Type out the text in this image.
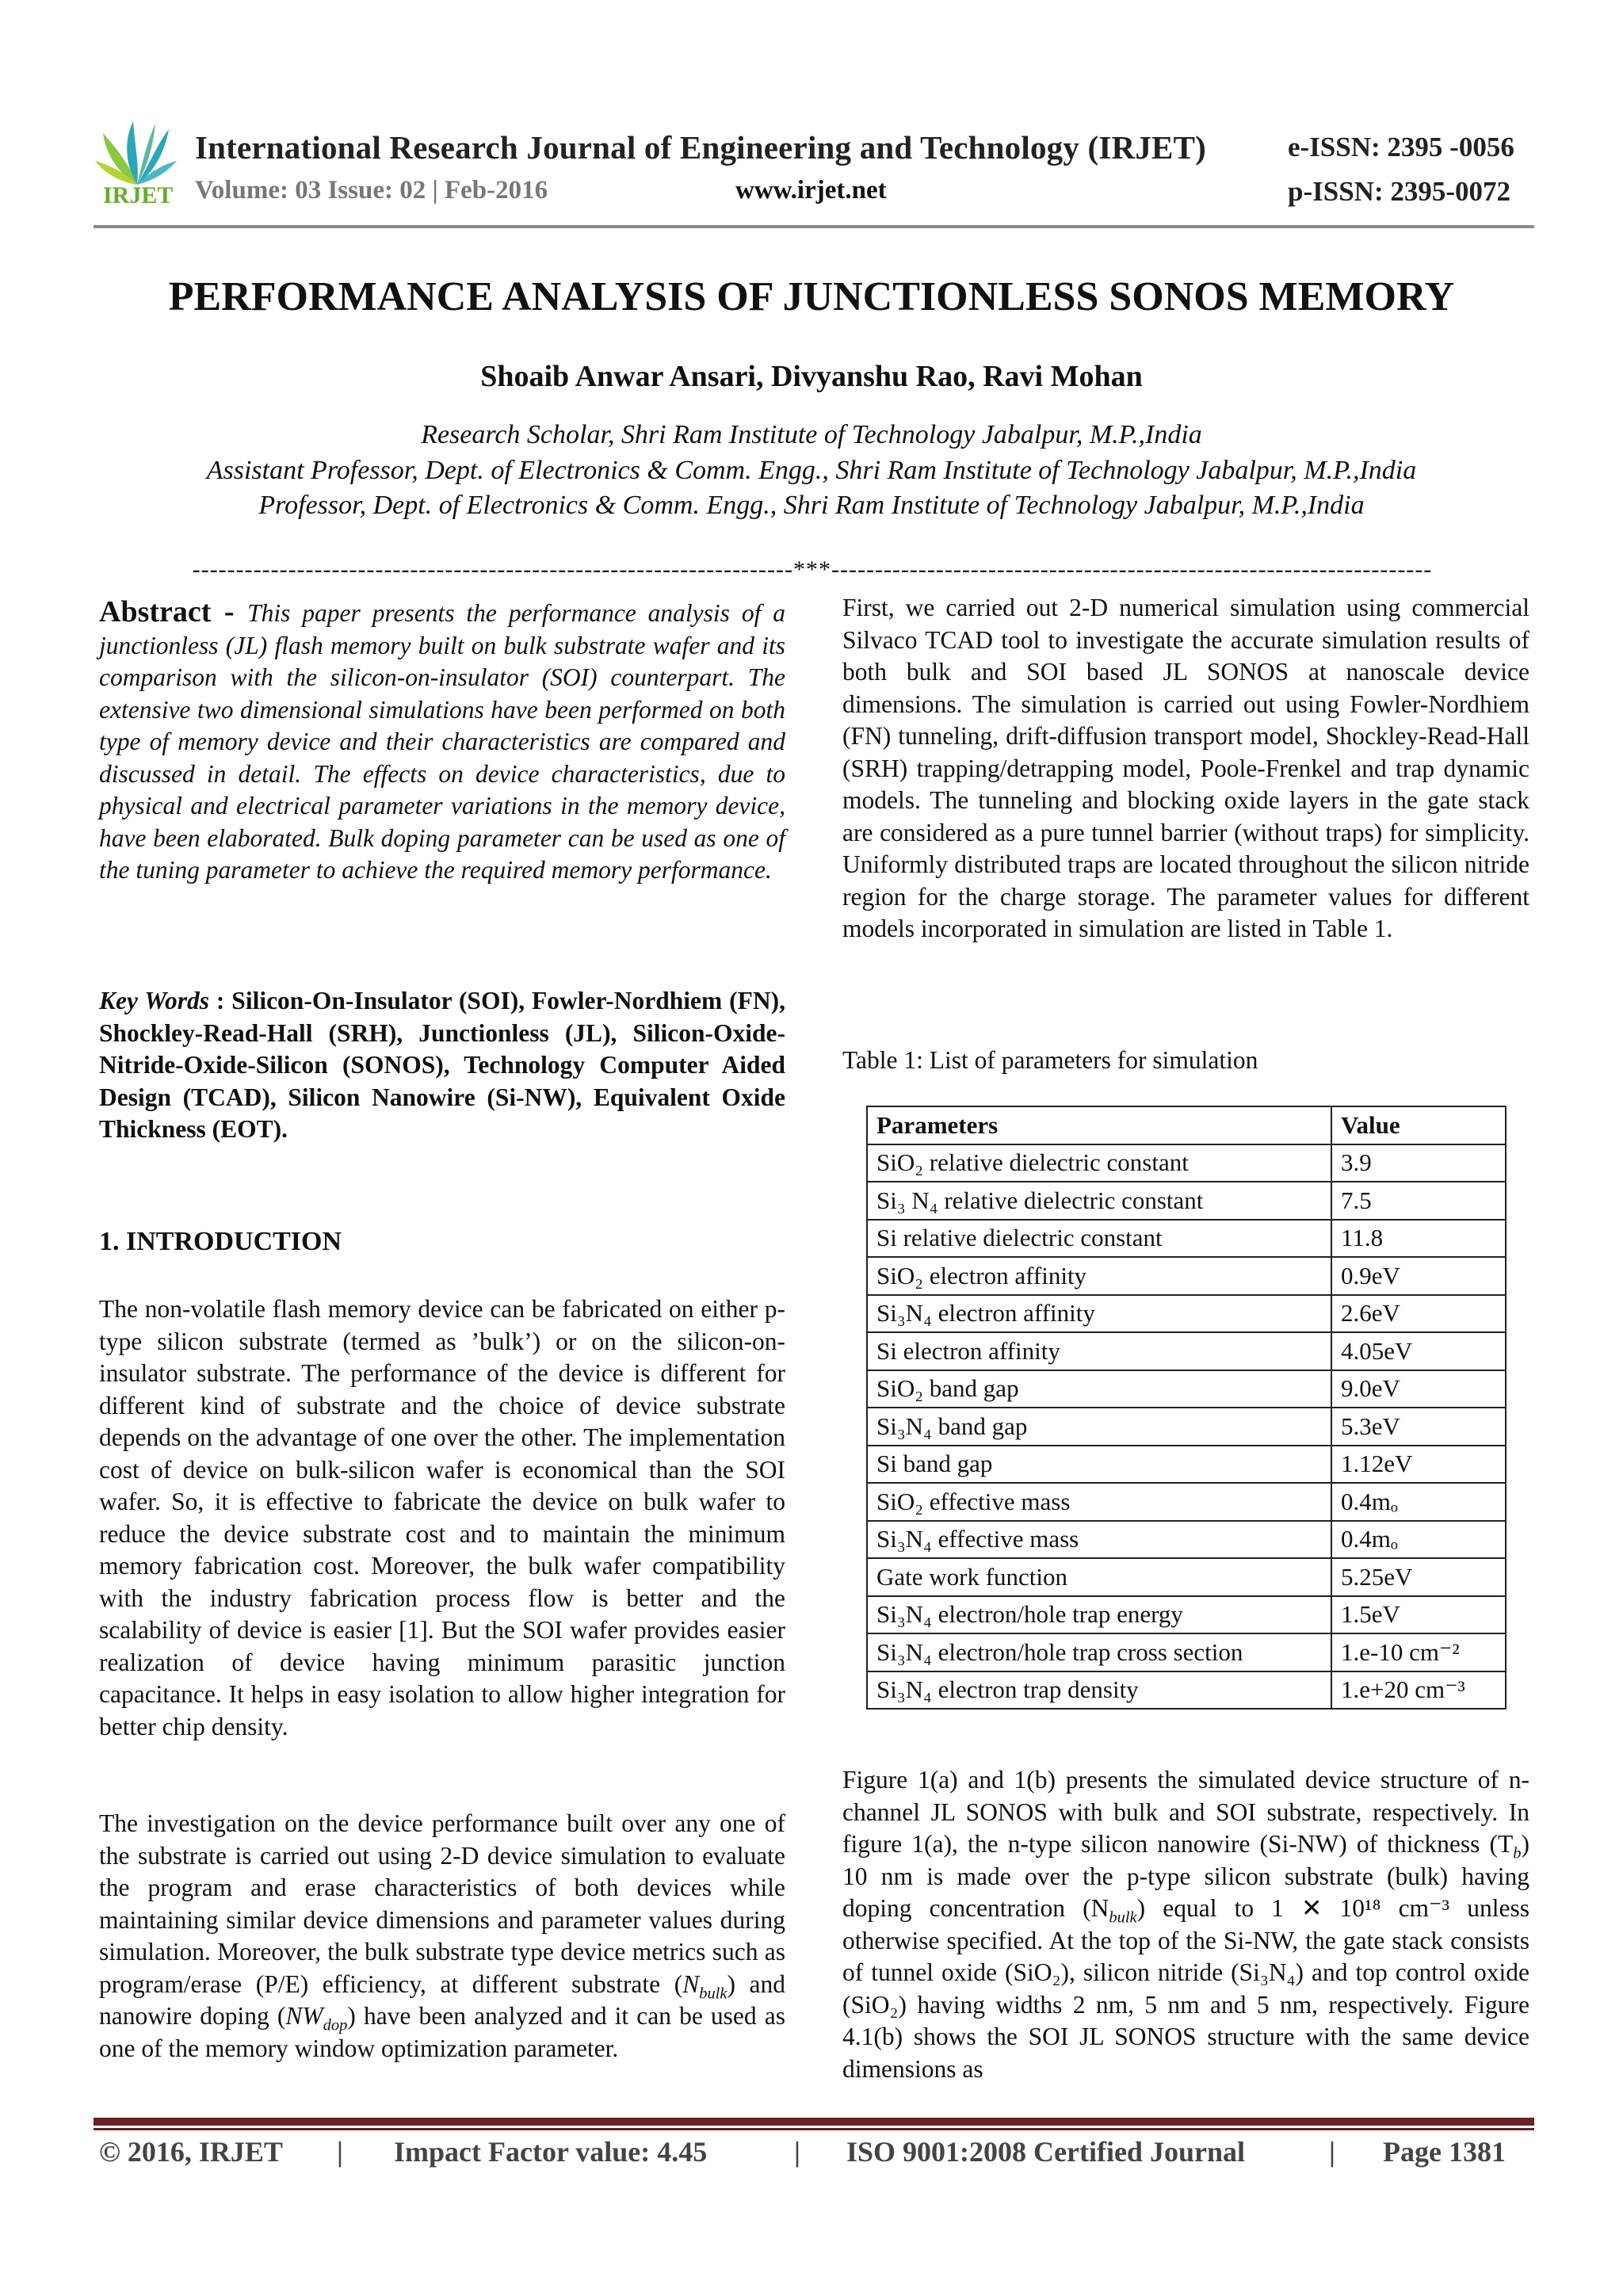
IRJET
International Research Journal of Engineering and Technology (IRJET)
Volume: 03 Issue: 02 | Feb-2016	www.irjet.net
e-ISSN: 2395 -0056
p-ISSN: 2395-0072
PERFORMANCE ANALYSIS OF JUNCTIONLESS SONOS MEMORY
Shoaib Anwar Ansari, Divyanshu Rao, Ravi Mohan
Research Scholar, Shri Ram Institute of Technology Jabalpur, M.P.,India
Assistant Professor, Dept. of Electronics & Comm. Engg., Shri Ram Institute of Technology Jabalpur, M.P.,India
Professor, Dept. of Electronics & Comm. Engg., Shri Ram Institute of Technology Jabalpur, M.P.,India
---------------------------------------------------------------------***---------------------------------------------------------------------
Abstract - This paper presents the performance analysis of a junctionless (JL) flash memory built on bulk substrate wafer and its comparison with the silicon-on-insulator (SOI) counterpart. The extensive two dimensional simulations have been performed on both type of memory device and their characteristics are compared and discussed in detail. The effects on device characteristics, due to physical and electrical parameter variations in the memory device, have been elaborated. Bulk doping parameter can be used as one of the tuning parameter to achieve the required memory performance.
Key Words : Silicon-On-Insulator (SOI), Fowler-Nordhiem (FN), Shockley-Read-Hall (SRH), Junctionless (JL), Silicon-Oxide-Nitride-Oxide-Silicon (SONOS), Technology Computer Aided Design (TCAD), Silicon Nanowire (Si-NW), Equivalent Oxide Thickness (EOT).
1. INTRODUCTION
The non-volatile flash memory device can be fabricated on either p-type silicon substrate (termed as ’bulk’) or on the silicon-on-insulator substrate. The performance of the device is different for different kind of substrate and the choice of device substrate depends on the advantage of one over the other. The implementation cost of device on bulk-silicon wafer is economical than the SOI wafer. So, it is effective to fabricate the device on bulk wafer to reduce the device substrate cost and to maintain the minimum memory fabrication cost. Moreover, the bulk wafer compatibility with the industry fabrication process flow is better and the scalability of device is easier [1]. But the SOI wafer provides easier realization of device having minimum parasitic junction capacitance. It helps in easy isolation to allow higher integration for better chip density.
The investigation on the device performance built over any one of the substrate is carried out using 2-D device simulation to evaluate the program and erase characteristics of both devices while maintaining similar device dimensions and parameter values during simulation. Moreover, the bulk substrate type device metrics such as program/erase (P/E) efficiency, at different substrate $(N_{bulk})$ and nanowire doping $(NW_{dop})$ have been analyzed and it can be used as one of the memory window optimization parameter.
First, we carried out 2-D numerical simulation using commercial Silvaco TCAD tool to investigate the accurate simulation results of both bulk and SOI based JL SONOS at nanoscale device dimensions. The simulation is carried out using Fowler-Nordhiem (FN) tunneling, drift-diffusion transport model, Shockley-Read-Hall (SRH) trapping/detrapping model, Poole-Frenkel and trap dynamic models. The tunneling and blocking oxide layers in the gate stack are considered as a pure tunnel barrier (without traps) for simplicity. Uniformly distributed traps are located throughout the silicon nitride region for the charge storage. The parameter values for different models incorporated in simulation are listed in Table 1.
Table 1: List of parameters for simulation
Parameters	Value
SiO₂ relative dielectric constant	3.9
Si₃ N₄ relative dielectric constant	7.5
Si relative dielectric constant	11.8
SiO₂ electron affinity	0.9eV
Si₃N₄ electron affinity	2.6eV
Si electron affinity	4.05eV
SiO₂ band gap	9.0eV
Si₃N₄ band gap	5.3eV
Si band gap	1.12eV
SiO₂ effective mass	0.4mₒ
Si₃N₄ effective mass	0.4mₒ
Gate work function	5.25eV
Si₃N₄ electron/hole trap energy	1.5eV
Si₃N₄ electron/hole trap cross section	1.e-10 cm⁻²
Si₃N₄ electron trap density	1.e+20 cm⁻³
Figure 1(a) and 1(b) presents the simulated device structure of n-channel JL SONOS with bulk and SOI substrate, respectively. In figure 1(a), the n-type silicon nanowire (Si-NW) of thickness $(T_b)$ 10 nm is made over the p-type silicon substrate (bulk) having doping concentration $(N_{bulk})$ equal to 1 ✕ 10¹⁸ cm⁻³ unless otherwise specified. At the top of the Si-NW, the gate stack consists of tunnel oxide (SiO₂), silicon nitride (Si₃N₄) and top control oxide (SiO₂) having widths 2 nm, 5 nm and 5 nm, respectively. Figure 4.1(b) shows the SOI JL SONOS structure with the same device dimensions as
© 2016, IRJET | Impact Factor value: 4.45	| ISO 9001:2008 Certified Journal	| Page 1381
